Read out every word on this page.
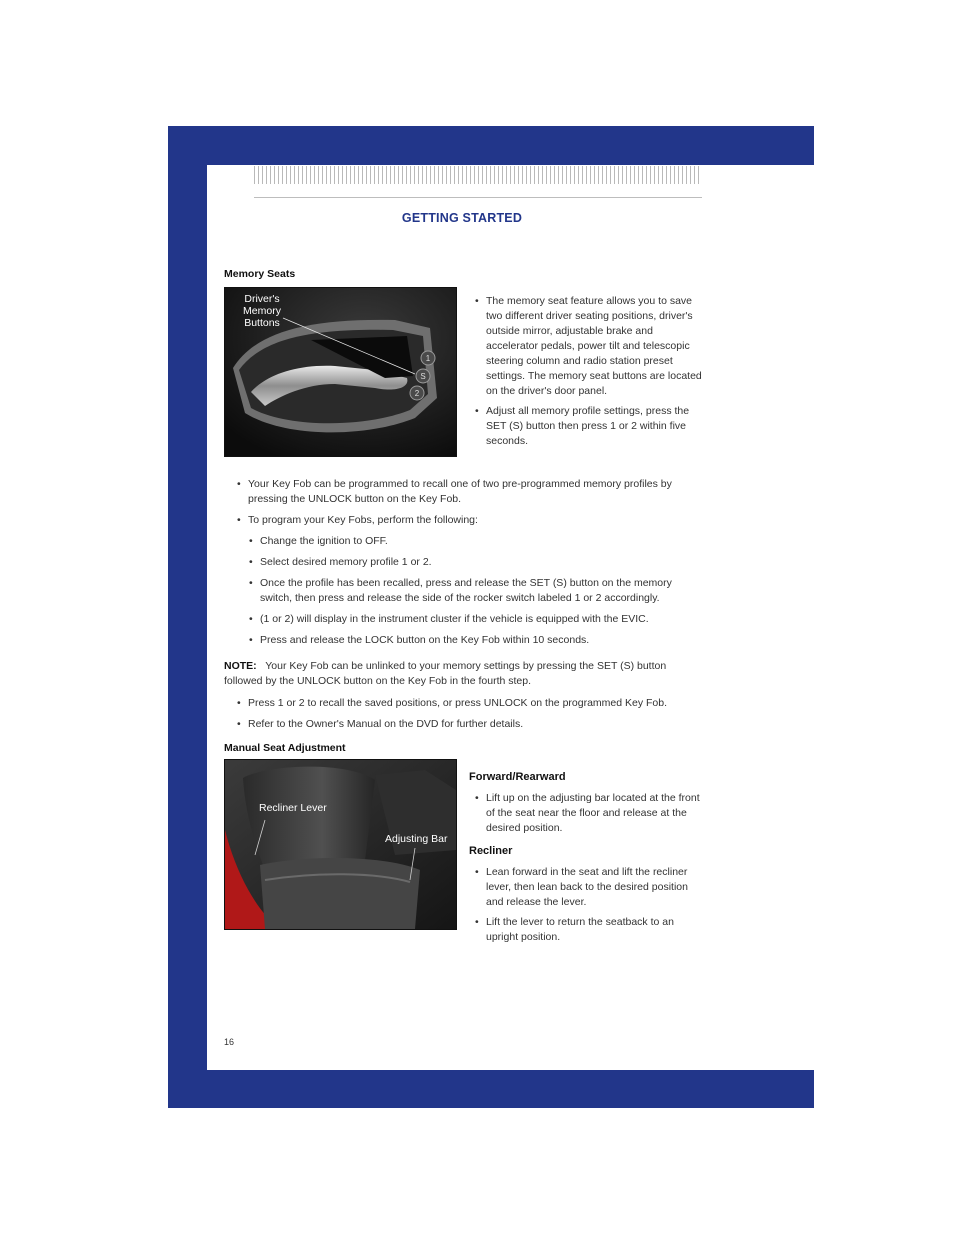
GETTING STARTED
Memory Seats
1
S
2
Driver's
Memory
Buttons

• The memory seat feature allows you to save two different driver seating positions, driver's outside mirror, adjustable brake and accelerator pedals, power tilt and telescopic steering column and radio station preset settings. The memory seat buttons are located on the driver's door panel.

• Adjust all memory profile settings, press the SET (S) button then press 1 or 2 within five seconds.

• Your Key Fob can be programmed to recall one of two pre-programmed memory profiles by pressing the UNLOCK button on the Key Fob.

• To program your Key Fobs, perform the following:

• Change the ignition to OFF.

• Select desired memory profile 1 or 2.

• Once the profile has been recalled, press and release the SET (S) button on the memory switch, then press and release the side of the rocker switch labeled 1 or 2 accordingly.

• (1 or 2) will display in the instrument cluster if the vehicle is equipped with the EVIC.

• Press and release the LOCK button on the Key Fob within 10 seconds.

NOTE: Your Key Fob can be unlinked to your memory settings by pressing the SET (S) button followed by the UNLOCK button on the Key Fob in the fourth step.

• Press 1 or 2 to recall the saved positions, or press UNLOCK on the programmed Key Fob.

• Refer to the Owner's Manual on the DVD for further details.

Manual Seat Adjustment
Recliner Lever
Adjusting Bar
Forward/Rearward

• Lift up on the adjusting bar located at the front of the seat near the floor and release at the desired position.

Recliner

• Lean forward in the seat and lift the recliner lever, then lean back to the desired position and release the lever.

• Lift the lever to return the seatback to an upright position.

16
